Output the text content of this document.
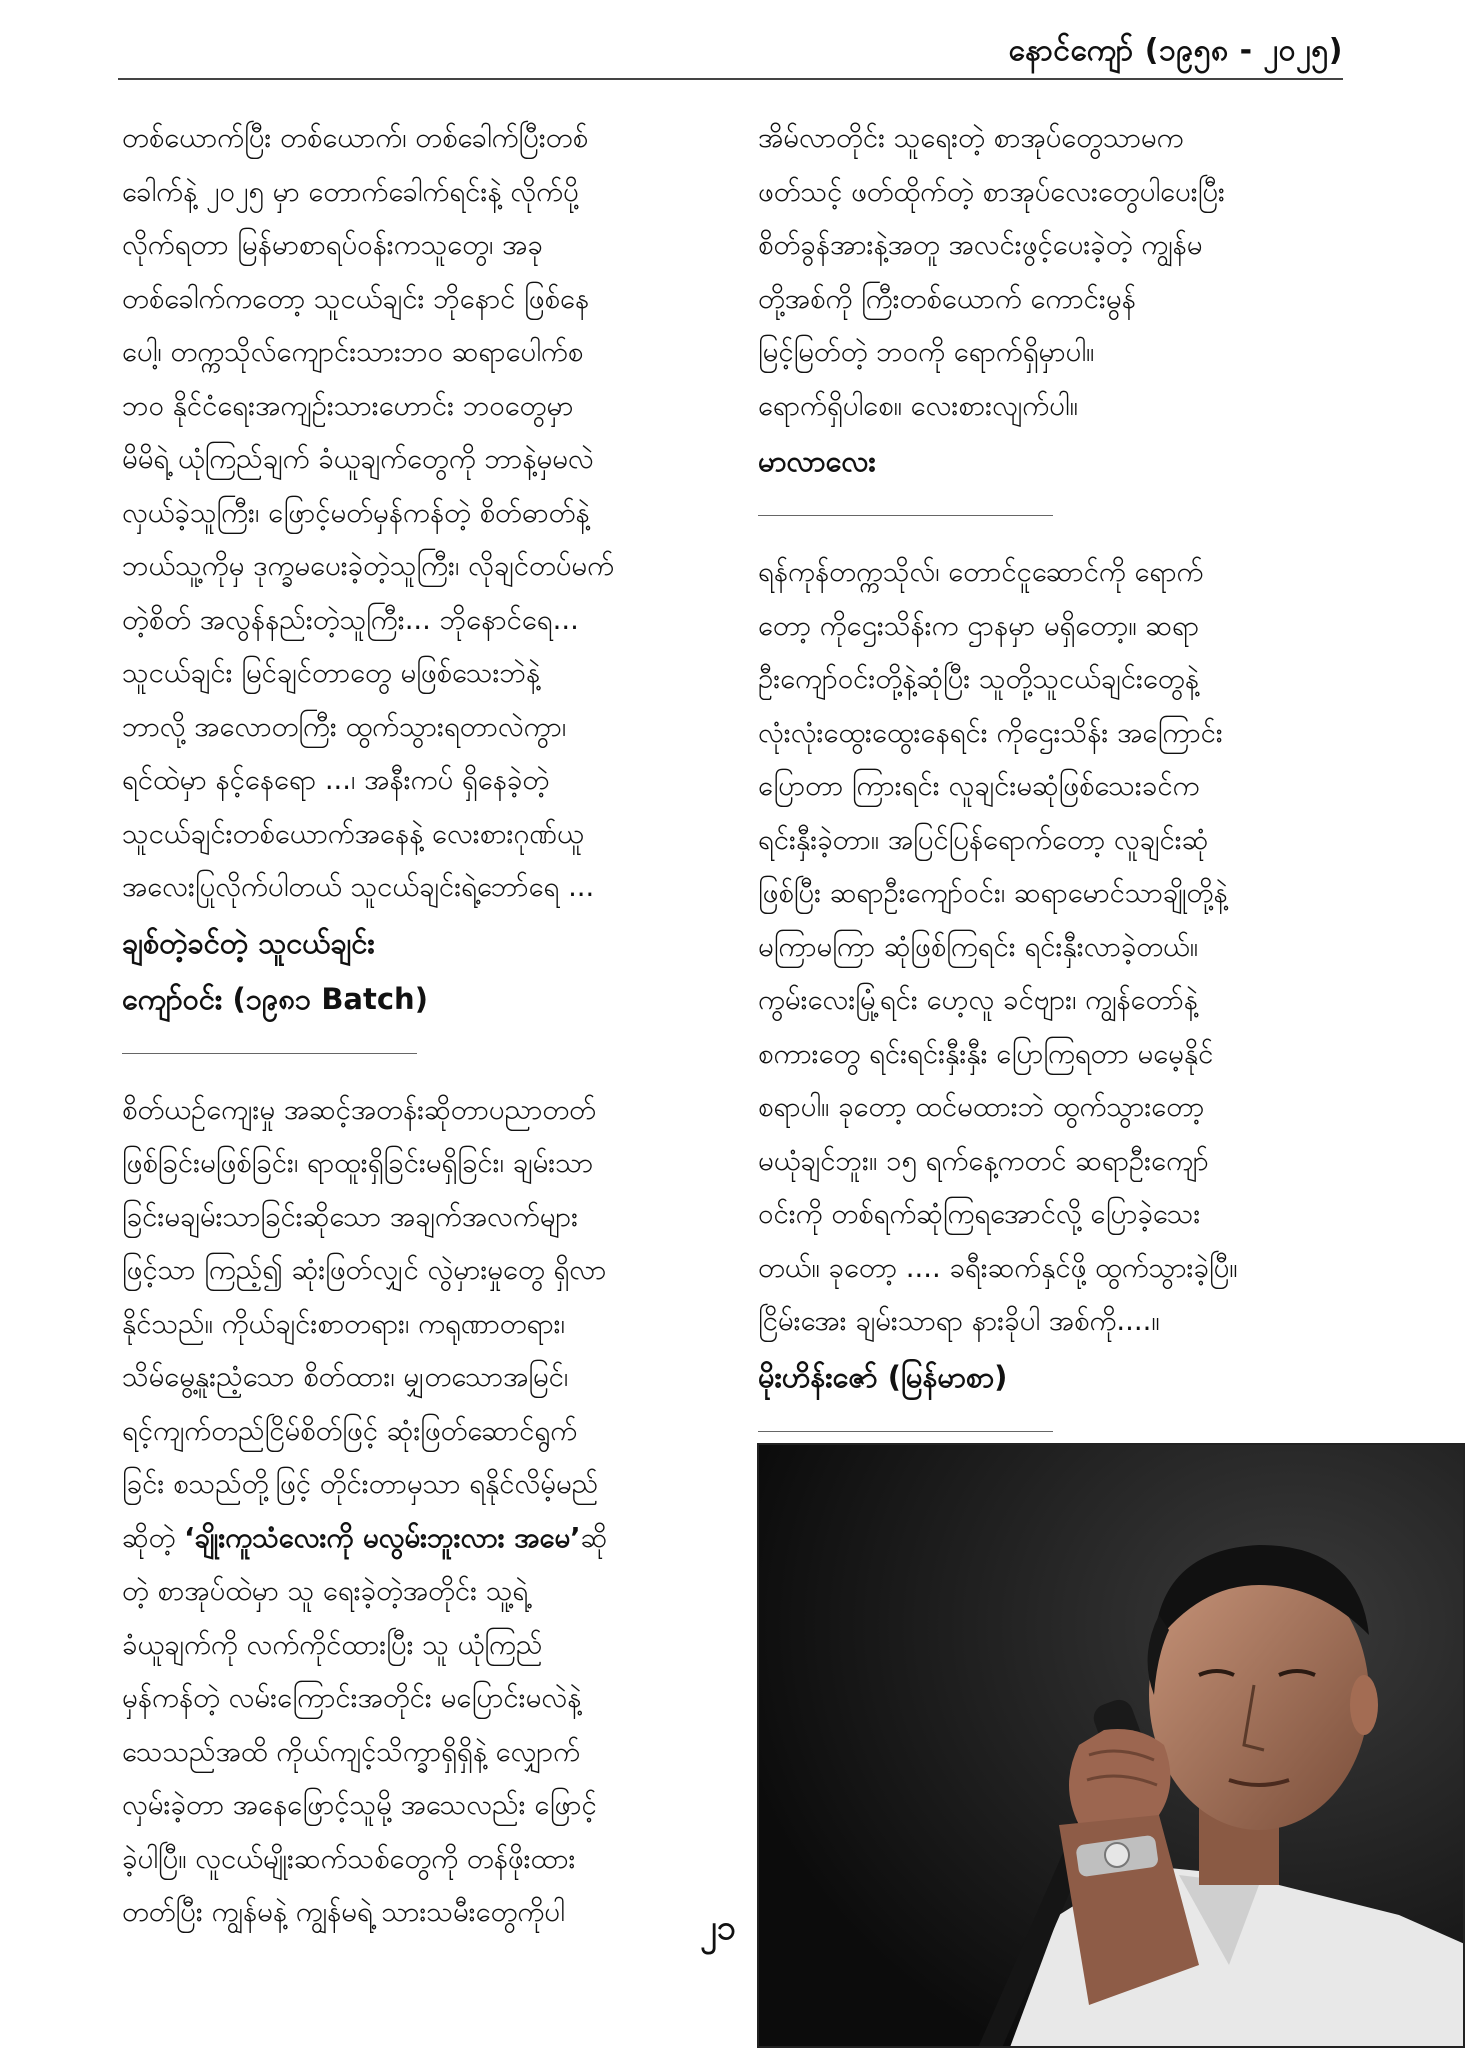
နောင်ကျော် (၁၉၅၈ - ၂၀၂၅)

တစ်ယောက်ပြီး တစ်ယောက်၊ တစ်ခေါက်ပြီးတစ်
ခေါက်နဲ့ ၂၀၂၅ မှာ တောက်ခေါက်ရင်းနဲ့ လိုက်ပို့
လိုက်ရတာ မြန်မာစာရပ်ဝန်းကသူတွေ၊ အခု
တစ်ခေါက်ကတော့ သူငယ်ချင်း ဘိုနောင် ဖြစ်နေ
ပေါ့၊ တက္ကသိုလ်ကျောင်းသားဘဝ ဆရာပေါက်စ
ဘဝ နိုင်ငံရေးအကျဉ်းသားဟောင်း ဘဝတွေမှာ
မိမိရဲ့ ယုံကြည်ချက် ခံယူချက်တွေကို ဘာနဲ့မှမလဲ
လှယ်ခဲ့သူကြီး၊ ဖြောင့်မတ်မှန်ကန်တဲ့ စိတ်ဓာတ်နဲ့
ဘယ်သူ့ကိုမှ ဒုက္ခမပေးခဲ့တဲ့သူကြီး၊ လိုချင်တပ်မက်
တဲ့စိတ် အလွန်နည်းတဲ့သူကြီး... ဘိုနောင်ရေ...
သူငယ်ချင်း မြင်ချင်တာတွေ မဖြစ်သေးဘဲနဲ့
ဘာလို့ အလောတကြီး ထွက်သွားရတာလဲကွာ၊
ရင်ထဲမှာ နင့်နေရော ...၊ အနီးကပ် ရှိနေခဲ့တဲ့
သူငယ်ချင်းတစ်ယောက်အနေနဲ့ လေးစားဂုဏ်ယူ
အလေးပြုလိုက်ပါတယ် သူငယ်ချင်းရဲ့ဘော်ရေ ...

ချစ်တဲ့ခင်တဲ့ သူငယ်ချင်း
ကျော်ဝင်း (၁၉၈၁ Batch)

စိတ်ယဉ်ကျေးမှု အဆင့်အတန်းဆိုတာပညာတတ်
ဖြစ်ခြင်းမဖြစ်ခြင်း၊ ရာထူးရှိခြင်းမရှိခြင်း၊ ချမ်းသာ
ခြင်းမချမ်းသာခြင်းဆိုသော အချက်အလက်များ
ဖြင့်သာ ကြည့်၍ ဆုံးဖြတ်လျှင် လွဲမှားမှုတွေ ရှိလာ
နိုင်သည်။ ကိုယ်ချင်းစာတရား၊ ကရုဏာတရား၊
သိမ်မွေ့နူးညံ့သော စိတ်ထား၊ မျှတသောအမြင်၊
ရင့်ကျက်တည်ငြိမ်စိတ်ဖြင့် ဆုံးဖြတ်ဆောင်ရွက်
ခြင်း စသည်တို့ဖြင့် တိုင်းတာမှသာ ရနိုင်လိမ့်မည်

ဆိုတဲ့ ‘ချိုးကူသံလေးကို မလွမ်းဘူးလား အမေ’ဆို

တဲ့ စာအုပ်ထဲမှာ သူ ရေးခဲ့တဲ့အတိုင်း သူ့ရဲ့
ခံယူချက်ကို လက်ကိုင်ထားပြီး သူ ယုံကြည်
မှန်ကန်တဲ့ လမ်းကြောင်းအတိုင်း မပြောင်းမလဲနဲ့
သေသည်အထိ ကိုယ်ကျင့်သိက္ခာရှိရှိနဲ့ လျှောက်
လှမ်းခဲ့တာ အနေဖြောင့်သူမို့ အသေလည်း ဖြောင့်
ခဲ့ပါပြီ။ လူငယ်မျိုးဆက်သစ်တွေကို တန်ဖိုးထား
တတ်ပြီး ကျွန်မနဲ့ ကျွန်မရဲ့ သားသမီးတွေကိုပါ

အိမ်လာတိုင်း သူရေးတဲ့ စာအုပ်တွေသာမက
ဖတ်သင့် ဖတ်ထိုက်တဲ့ စာအုပ်လေးတွေပါပေးပြီး
စိတ်ခွန်အားနဲ့အတူ အလင်းဖွင့်ပေးခဲ့တဲ့ ကျွန်မ
တို့အစ်ကို ကြီးတစ်ယောက် ကောင်းမွန်
မြင့်မြတ်တဲ့ ဘဝကို ရောက်ရှိမှာပါ။
ရောက်ရှိပါစေ။ လေးစားလျက်ပါ။

မာလာလေး

ရန်ကုန်တက္ကသိုလ်၊ တောင်ငူဆောင်ကို ရောက်
တော့ ကိုဌေးသိန်းက ဌာနမှာ မရှိတော့။ ဆရာ
ဦးကျော်ဝင်းတို့နဲ့ဆုံပြီး သူတို့သူငယ်ချင်းတွေနဲ့
လုံးလုံးထွေးထွေးနေရင်း ကိုဌေးသိန်း အကြောင်း
ပြောတာ ကြားရင်း လူချင်းမဆုံဖြစ်သေးခင်က
ရင်းနှီးခဲ့တာ။ အပြင်ပြန်ရောက်တော့ လူချင်းဆုံ
ဖြစ်ပြီး ဆရာဦးကျော်ဝင်း၊ ဆရာမောင်သာချိုတို့နဲ့
မကြာမကြာ ဆုံဖြစ်ကြရင်း ရင်းနှီးလာခဲ့တယ်။
ကွမ်းလေးမြုံ့ရင်း ဟေ့လူ ခင်ဗျား၊ ကျွန်တော်နဲ့
စကားတွေ ရင်းရင်းနှီးနှီး ပြောကြရတာ မမေ့နိုင်
စရာပါ။ ခုတော့ ထင်မထားဘဲ ထွက်သွားတော့
မယုံချင်ဘူး။ ၁၅ ရက်နေ့ကတင် ဆရာဦးကျော်
ဝင်းကို တစ်ရက်ဆုံကြရအောင်လို့ ပြောခဲ့သေး
တယ်။ ခုတော့ .... ခရီးဆက်နှင်ဖို့ ထွက်သွားခဲ့ပြီ။
ငြိမ်းအေး ချမ်းသာရာ နားခိုပါ အစ်ကို....။

မိုးဟိန်းဇော် (မြန်မာစာ)
၂၁
